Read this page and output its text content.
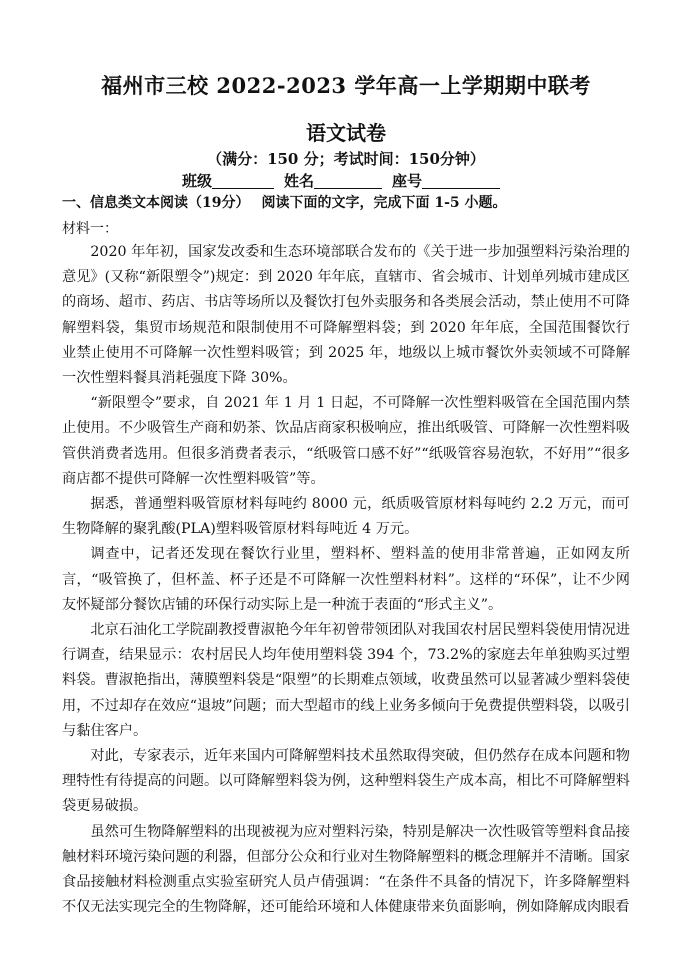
福州市三校 2022-2023 学年高一上学期期中联考
语文试卷
（满分：150 分；考试时间：150分钟）
班级	姓名	座号
一、信息类文本阅读（19分） 阅读下面的文字，完成下面 1-5 小题。
材料一：

2020 年年初，国家发改委和生态环境部联合发布的《关于进一步加强塑料污染治理的意见》(又称“新限塑令”)规定：到 2020 年年底，直辖市、省会城市、计划单列城市建成区的商场、超市、药店、书店等场所以及餐饮打包外卖服务和各类展会活动，禁止使用不可降解塑料袋，集贸市场规范和限制使用不可降解塑料袋；到 2020 年年底，全国范围餐饮行业禁止使用不可降解一次性塑料吸管；到 2025 年，地级以上城市餐饮外卖领域不可降解一次性塑料餐具消耗强度下降 30%。

“新限塑令”要求，自 2021 年 1 月 1 日起，不可降解一次性塑料吸管在全国范围内禁止使用。不少吸管生产商和奶茶、饮品店商家积极响应，推出纸吸管、可降解一次性塑料吸管供消费者选用。但很多消费者表示，“纸吸管口感不好”“纸吸管容易泡软，不好用”“很多商店都不提供可降解一次性塑料吸管”等。

据悉，普通塑料吸管原材料每吨约 8000 元，纸质吸管原材料每吨约 2.2 万元，而可生物降解的聚乳酸(PLA)塑料吸管原材料每吨近 4 万元。

调查中，记者还发现在餐饮行业里，塑料杯、塑料盖的使用非常普遍，正如网友所言，“吸管换了，但杯盖、杯子还是不可降解一次性塑料材料”。这样的“环保”，让不少网友怀疑部分餐饮店铺的环保行动实际上是一种流于表面的“形式主义”。

北京石油化工学院副教授曹淑艳今年年初曾带领团队对我国农村居民塑料袋使用情况进行调查，结果显示：农村居民人均年使用塑料袋 394 个，73.2%的家庭去年单独购买过塑料袋。曹淑艳指出，薄膜塑料袋是“限塑”的长期难点领域，收费虽然可以显著减少塑料袋使用，不过却存在效应“退坡”问题；而大型超市的线上业务多倾向于免费提供塑料袋，以吸引与黏住客户。

对此，专家表示，近年来国内可降解塑料技术虽然取得突破，但仍然存在成本问题和物理特性有待提高的问题。以可降解塑料袋为例，这种塑料袋生产成本高，相比不可降解塑料袋更易破损。

虽然可生物降解塑料的出现被视为应对塑料污染，特别是解决一次性吸管等塑料食品接触材料环境污染问题的利器，但部分公众和行业对生物降解塑料的概念理解并不清晰。国家食品接触材料检测重点实验室研究人员卢倩强调：“在条件不具备的情况下，许多降解塑料不仅无法实现完全的生物降解，还可能给环境和人体健康带来负面影响，例如降解成肉眼看
